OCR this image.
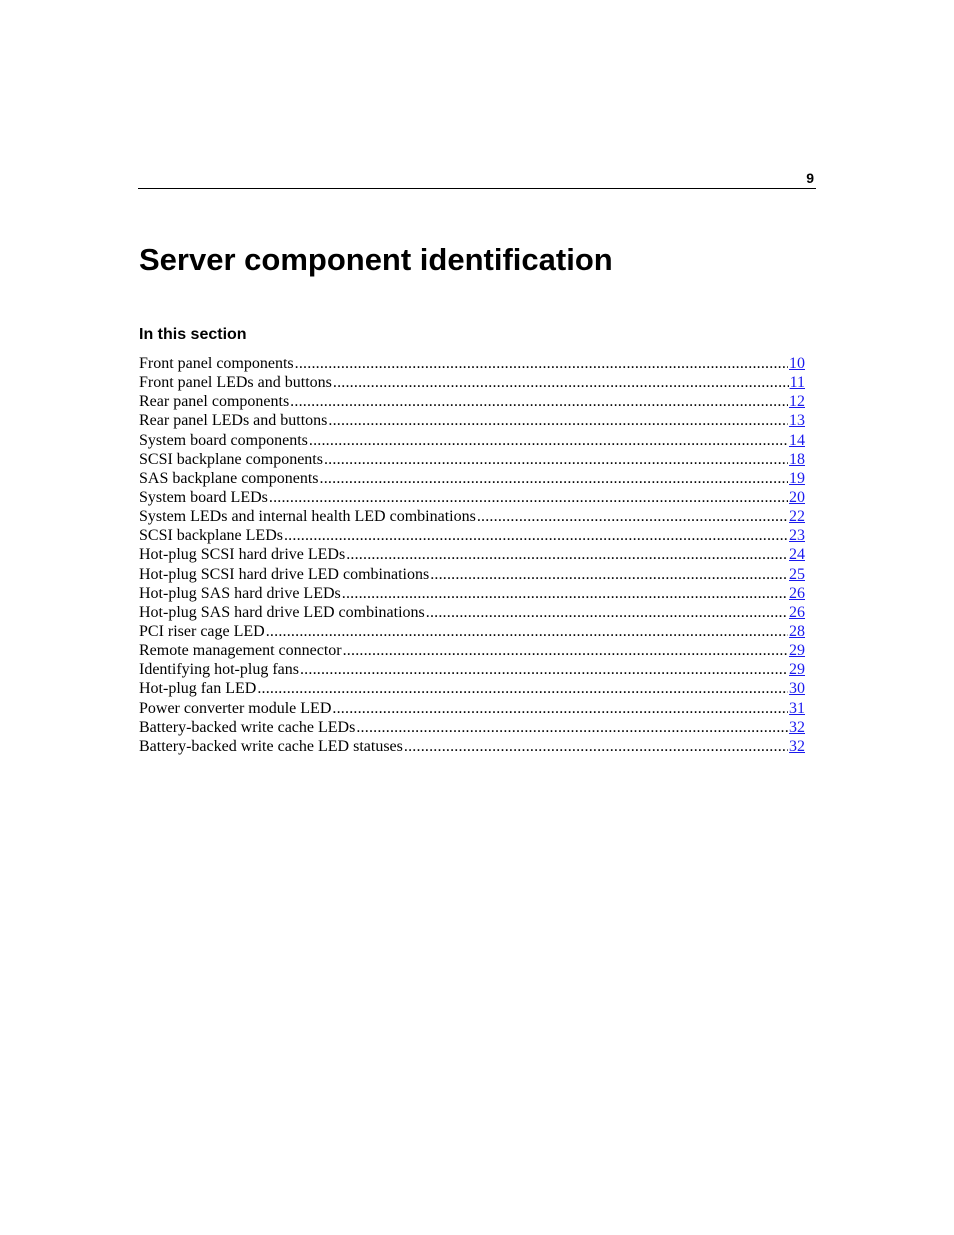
9
Server component identification
In this section
Front panel components .....	10
Front panel LEDs and buttons .....	11
Rear panel components .....	12
Rear panel LEDs and buttons .....	13
System board components .....	14
SCSI backplane components .....	18
SAS backplane components .....	19
System board LEDs .....	20
System LEDs and internal health LED combinations .....	22
SCSI backplane LEDs .....	23
Hot-plug SCSI hard drive LEDs .....	24
Hot-plug SCSI hard drive LED combinations .....	25
Hot-plug SAS hard drive LEDs .....	26
Hot-plug SAS hard drive LED combinations .....	26
PCI riser cage LED .....	28
Remote management connector .....	29
Identifying hot-plug fans .....	29
Hot-plug fan LED .....	30
Power converter module LED .....	31
Battery-backed write cache LEDs .....	32
Battery-backed write cache LED statuses .....	32
